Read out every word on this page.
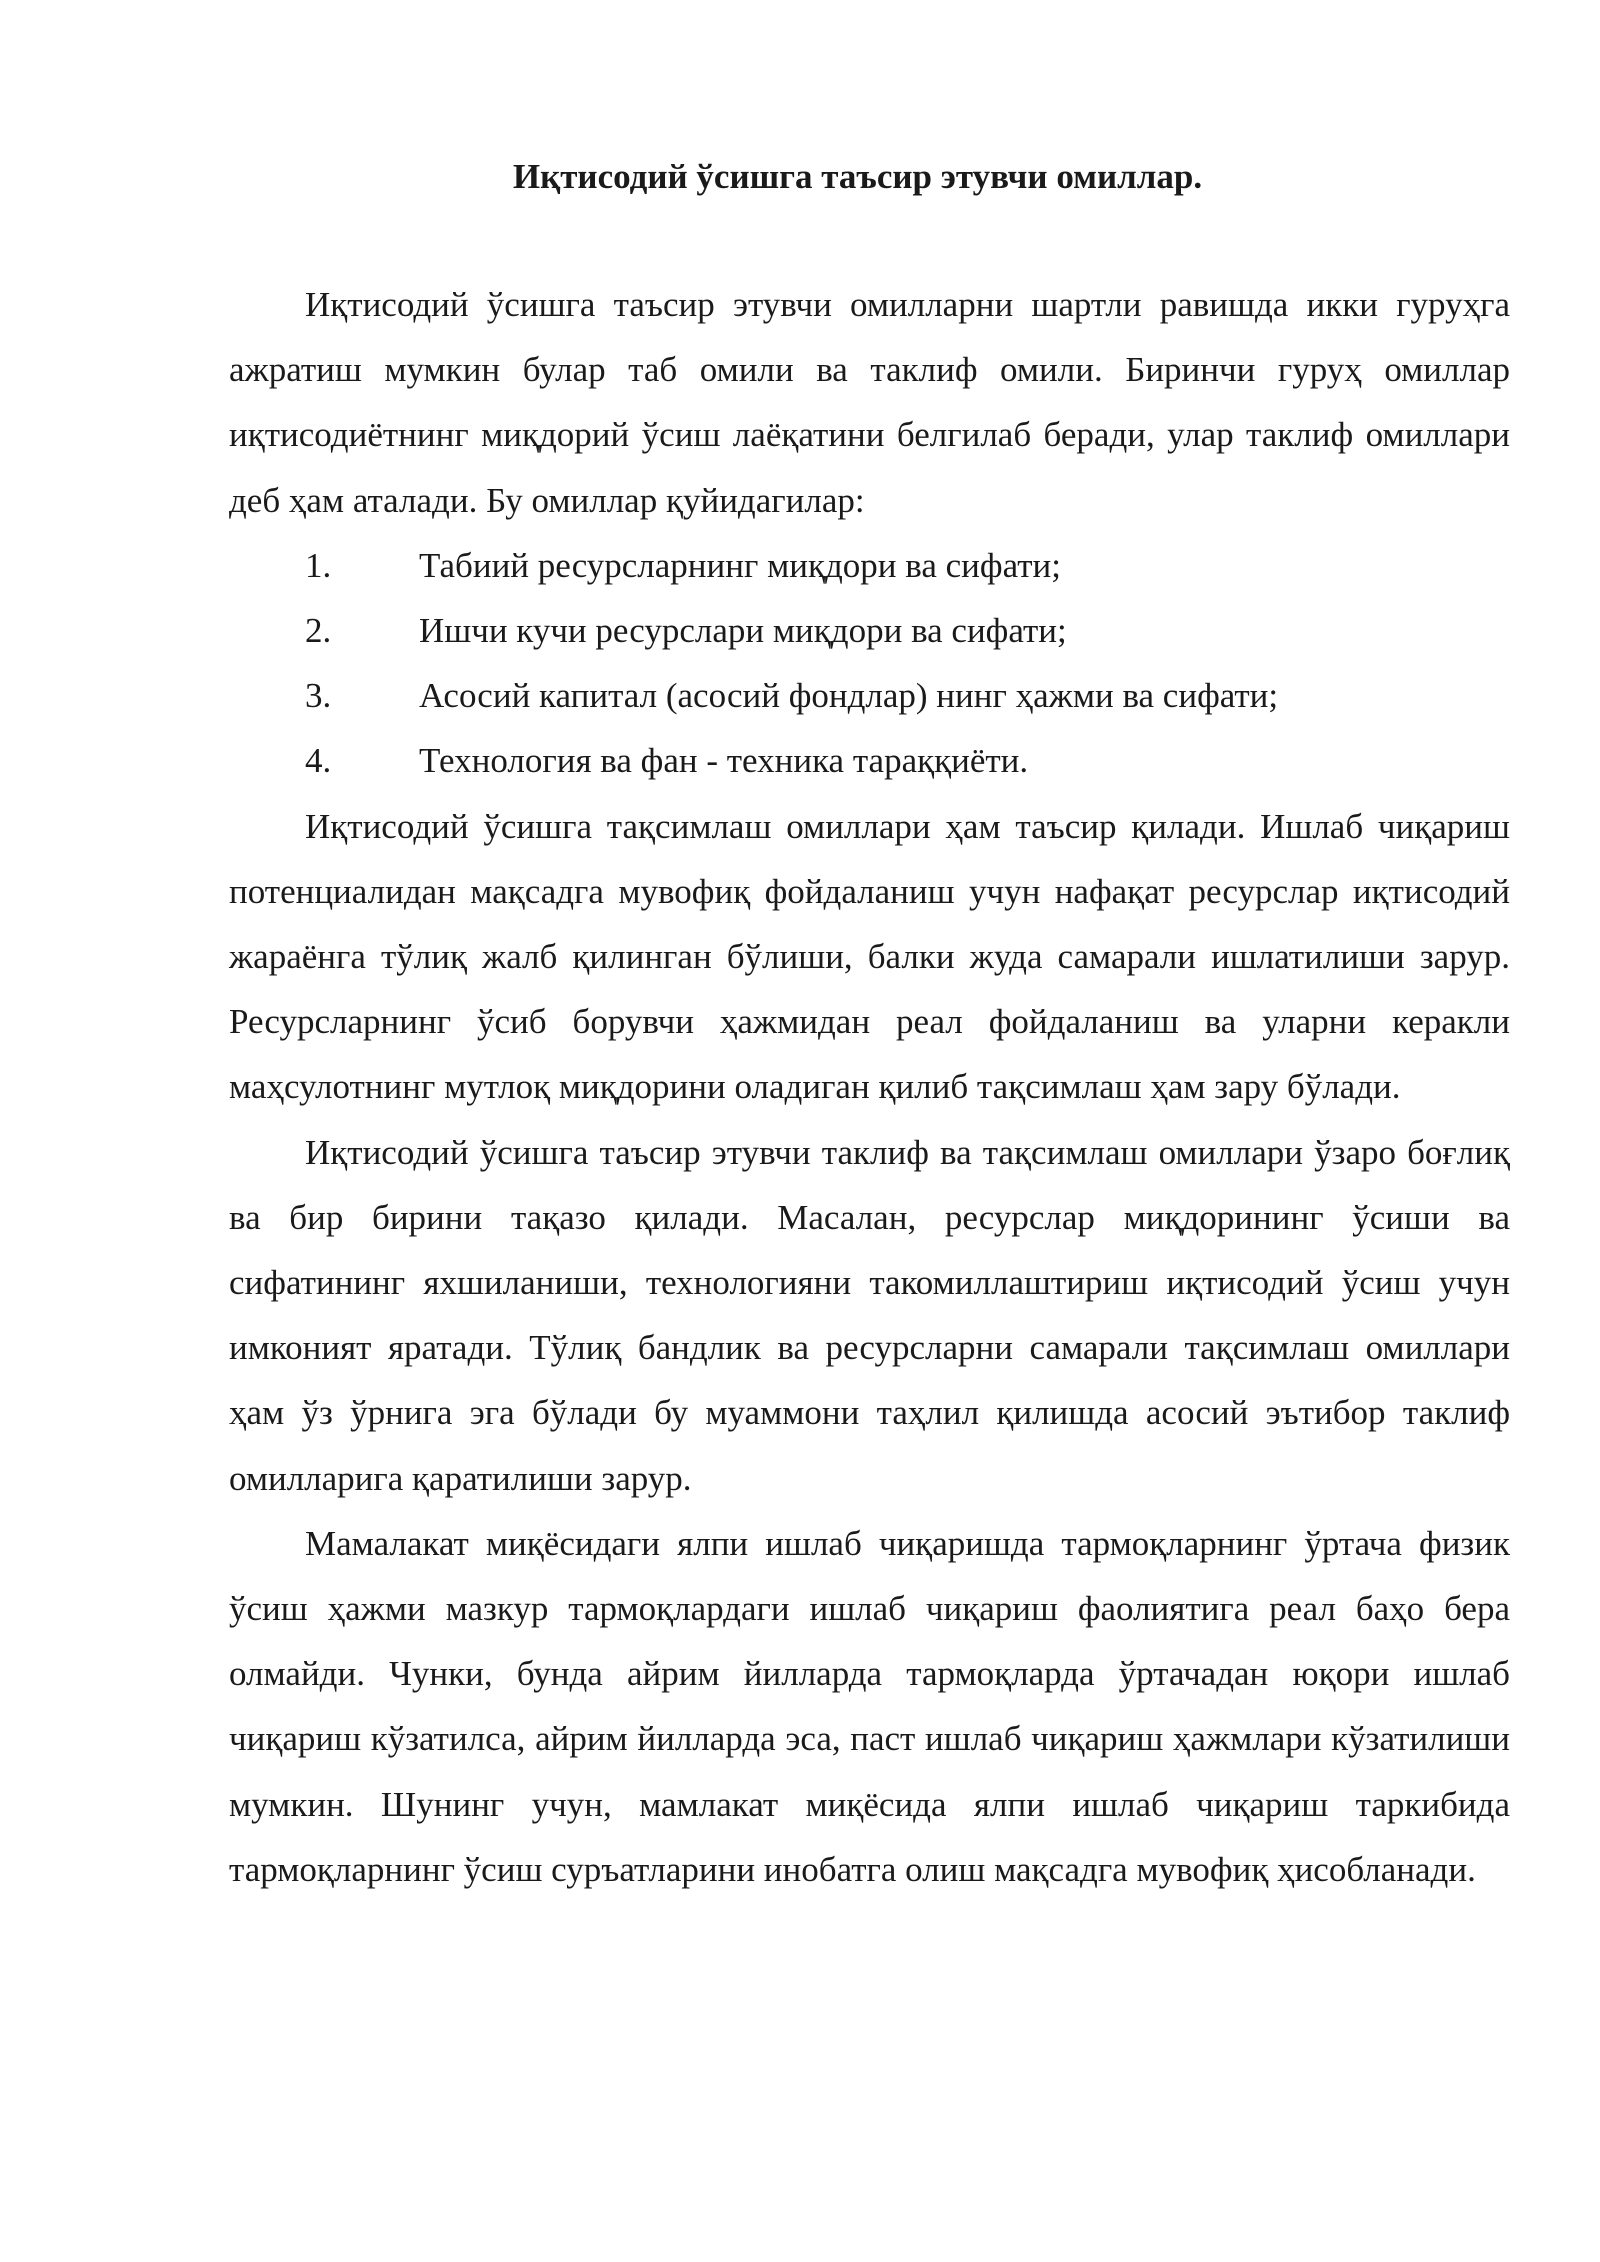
Иқтисодий ўсишга таъсир этувчи омиллар.

Иқтисодий ўсишга таъсир этувчи омилларни шартли равишда икки гуруҳга ажратиш мумкин булар таб омили ва таклиф омили. Биринчи гуруҳ омиллар иқтисодиётнинг миқдорий ўсиш лаёқатини белгилаб беради, улар таклиф омиллари деб ҳам аталади. Бу омиллар қуйидагилар:

1.	Табиий ресурсларнинг миқдори ва сифати;
2.	Ишчи кучи ресурслари миқдори ва сифати;
3.	Асосий капитал (асосий фондлар) нинг ҳажми ва сифати;
4.	Технология ва фан - техника тараққиёти.

Иқтисодий ўсишга тақсимлаш омиллари ҳам таъсир қилади. Ишлаб чиқариш потенциалидан мақсадга мувофиқ фойдаланиш учун нафақат ресурслар иқтисодий жараёнга тўлиқ жалб қилинган бўлиши, балки жуда самарали ишлатилиши зарур. Ресурсларнинг ўсиб борувчи ҳажмидан реал фойдаланиш ва уларни керакли маҳсулотнинг мутлоқ миқдорини оладиган қилиб тақсимлаш ҳам зару бўлади.

Иқтисодий ўсишга таъсир этувчи таклиф ва тақсимлаш омиллари ўзаро боғлиқ ва бир бирини тақазо қилади. Масалан, ресурслар миқдорининг ўсиши ва сифатининг яхшиланиши, технологияни такомиллаштириш иқтисодий ўсиш учун имконият яратади. Тўлиқ бандлик ва ресурсларни самарали тақсимлаш омиллари ҳам ўз ўрнига эга бўлади бу муаммони таҳлил қилишда асосий эътибор таклиф омилларига қаратилиши зарур.

Мамалакат миқёсидаги ялпи ишлаб чиқаришда тармоқларнинг ўртача физик ўсиш ҳажми мазкур тармоқлардаги ишлаб чиқариш фаолиятига реал баҳо бера олмайди. Чунки, бунда айрим йилларда тармоқларда ўртачадан юқори ишлаб чиқариш кўзатилса, айрим йилларда эса, паст ишлаб чиқариш ҳажмлари кўзатилиши мумкин. Шунинг учун, мамлакат миқёсида ялпи ишлаб чиқариш таркибида тармоқларнинг ўсиш суръатларини инобатга олиш мақсадга мувофиқ ҳисобланади.
